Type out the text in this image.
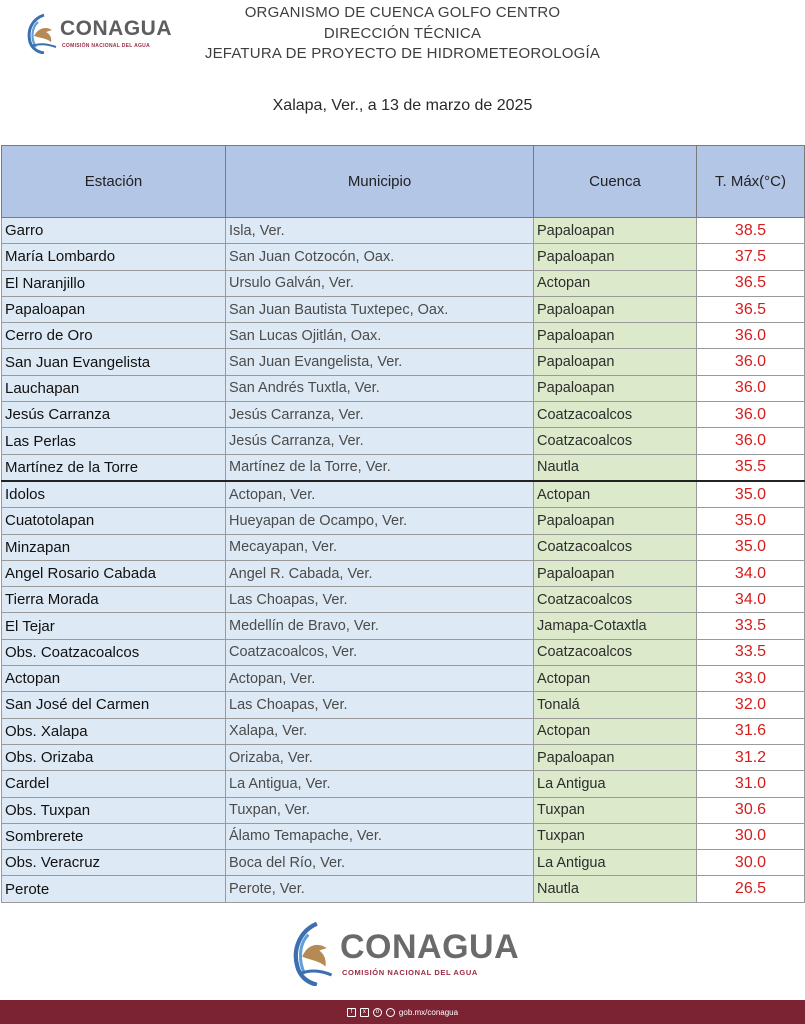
CONAGUA
COMISIÓN NACIONAL DEL AGUA
ORGANISMO DE CUENCA GOLFO CENTRO
DIRECCIÓN TÉCNICA
JEFATURA DE PROYECTO DE HIDROMETEOROLOGÍA
Xalapa, Ver., a 13 de marzo de 2025
Estación	Municipio	Cuenca	T. Máx(°C)
Garro	Isla, Ver.	Papaloapan	38.5
María Lombardo	San Juan Cotzocón, Oax.	Papaloapan	37.5
El Naranjillo	Ursulo Galván, Ver.	Actopan	36.5
Papaloapan	San Juan Bautista Tuxtepec, Oax.	Papaloapan	36.5
Cerro de Oro	San Lucas Ojitlán, Oax.	Papaloapan	36.0
San Juan Evangelista	San Juan Evangelista, Ver.	Papaloapan	36.0
Lauchapan	San Andrés Tuxtla, Ver.	Papaloapan	36.0
Jesús Carranza	Jesús Carranza, Ver.	Coatzacoalcos	36.0
Las Perlas	Jesús Carranza, Ver.	Coatzacoalcos	36.0
Martínez de la Torre	Martínez de la Torre, Ver.	Nautla	35.5
Idolos	Actopan, Ver.	Actopan	35.0
Cuatotolapan	Hueyapan de Ocampo, Ver.	Papaloapan	35.0
Minzapan	Mecayapan, Ver.	Coatzacoalcos	35.0
Angel Rosario Cabada	Angel R. Cabada, Ver.	Papaloapan	34.0
Tierra Morada	Las Choapas, Ver.	Coatzacoalcos	34.0
El Tejar	Medellín de Bravo, Ver.	Jamapa-Cotaxtla	33.5
Obs. Coatzacoalcos	Coatzacoalcos, Ver.	Coatzacoalcos	33.5
Actopan	Actopan, Ver.	Actopan	33.0
San José del Carmen	Las Choapas, Ver.	Tonalá	32.0
Obs. Xalapa	Xalapa, Ver.	Actopan	31.6
Obs. Orizaba	Orizaba, Ver.	Papaloapan	31.2
Cardel	La Antigua, Ver.	La Antigua	31.0
Obs. Tuxpan	Tuxpan, Ver.	Tuxpan	30.6
Sombrerete	Álamo Temapache, Ver.	Tuxpan	30.0
Obs. Veracruz	Boca del Río, Ver.	La Antigua	30.0
Perote	Perote, Ver.	Nautla	26.5
CONAGUA
COMISIÓN NACIONAL DEL AGUA
f	x	o	· gob.mx/conagua
